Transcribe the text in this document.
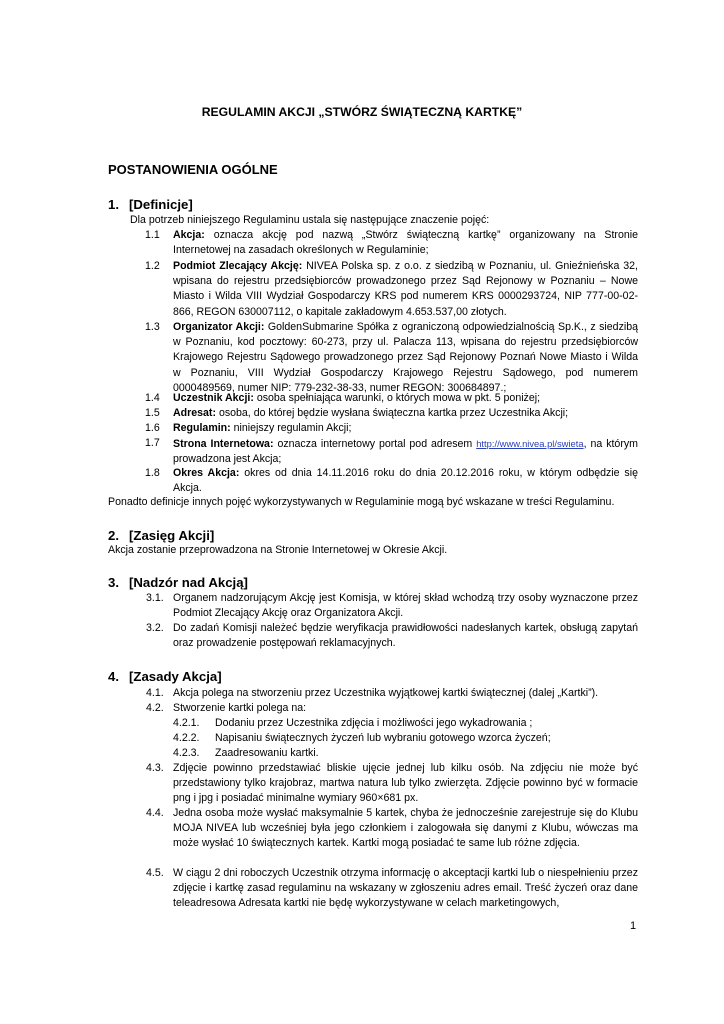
REGULAMIN AKCJI „STWÓRZ ŚWIĄTECZNĄ KARTKĘ”
POSTANOWIENIA OGÓLNE
1. [Definicje]
Dla potrzeb niniejszego Regulaminu ustala się następujące znaczenie pojęć:
1.1 Akcja: oznacza akcję pod nazwą „Stwórz świąteczną kartkę” organizowany na Stronie Internetowej na zasadach określonych w Regulaminie;
1.2 Podmiot Zlecający Akcję: NIVEA Polska sp. z o.o. z siedzibą w Poznaniu, ul. Gnieźnieńska 32, wpisana do rejestru przedsiębiorców prowadzonego przez Sąd Rejonowy w Poznaniu – Nowe Miasto i Wilda VIII Wydział Gospodarczy KRS pod numerem KRS 0000293724, NIP 777-00-02-866, REGON 630007112, o kapitale zakładowym 4.653.537,00 złotych.
1.3 Organizator Akcji: GoldenSubmarine Spółka z ograniczoną odpowiedzialnością Sp.K., z siedzibą w Poznaniu, kod pocztowy: 60-273, przy ul. Palacza 113, wpisana do rejestru przedsiębiorców Krajowego Rejestru Sądowego prowadzonego przez Sąd Rejonowy Poznań Nowe Miasto i Wilda w Poznaniu, VIII Wydział Gospodarczy Krajowego Rejestru Sądowego, pod numerem 0000489569, numer NIP: 779-232-38-33, numer REGON: 300684897.;
1.4 Uczestnik Akcji: osoba spełniająca warunki, o których mowa w pkt. 5 poniżej;
1.5 Adresat: osoba, do której będzie wysłana świąteczna kartka przez Uczestnika Akcji;
1.6 Regulamin: niniejszy regulamin Akcji;
1.7 Strona Internetowa: oznacza internetowy portal pod adresem http://www.nivea.pl/swieta, na którym prowadzona jest Akcja;
1.8 Okres Akcja: okres od dnia 14.11.2016 roku do dnia 20.12.2016 roku, w którym odbędzie się Akcja.
Ponadto definicje innych pojęć wykorzystywanych w Regulaminie mogą być wskazane w treści Regulaminu.
2. [Zasięg Akcji]
Akcja zostanie przeprowadzona na Stronie Internetowej w Okresie Akcji.
3. [Nadzór nad Akcją]
3.1. Organem nadzorującym Akcję jest Komisja, w której skład wchodzą trzy osoby wyznaczone przez Podmiot Zlecający Akcję oraz Organizatora Akcji.
3.2. Do zadań Komisji należeć będzie weryfikacja prawidłowości nadesłanych kartek, obsługą zapytań oraz prowadzenie postępowań reklamacyjnych.
4. [Zasady Akcja]
4.1. Akcja polega na stworzeniu przez Uczestnika wyjątkowej kartki świątecznej (dalej „Kartki”).
4.2. Stworzenie kartki polega na:
4.2.1. Dodaniu przez Uczestnika zdjęcia i możliwości jego wykadrowania ;
4.2.2. Napisaniu świątecznych życzeń lub wybraniu gotowego wzorca życzeń;
4.2.3. Zaadresowaniu kartki.
4.3. Zdjęcie powinno przedstawiać bliskie ujęcie jednej lub kilku osób. Na zdjęciu nie może być przedstawiony tylko krajobraz, martwa natura lub tylko zwierzęta. Zdjęcie powinno być w formacie png i jpg i posiadać minimalne wymiary 960×681 px.
4.4. Jedna osoba może wysłać maksymalnie 5 kartek, chyba że jednocześnie zarejestruje się do Klubu MOJA NIVEA lub wcześniej była jego członkiem i zalogowała się danymi z Klubu, wówczas ma może wysłać 10 świątecznych kartek. Kartki mogą posiadać te same lub różne zdjęcia.
4.5. W ciągu 2 dni roboczych Uczestnik otrzyma informację o akceptacji kartki lub o niespełnieniu przez zdjęcie i kartkę zasad regulaminu na wskazany w zgłoszeniu adres email. Treść życzeń oraz dane teleadresowa Adresata kartki nie będę wykorzystywane w celach marketingowych,
1
